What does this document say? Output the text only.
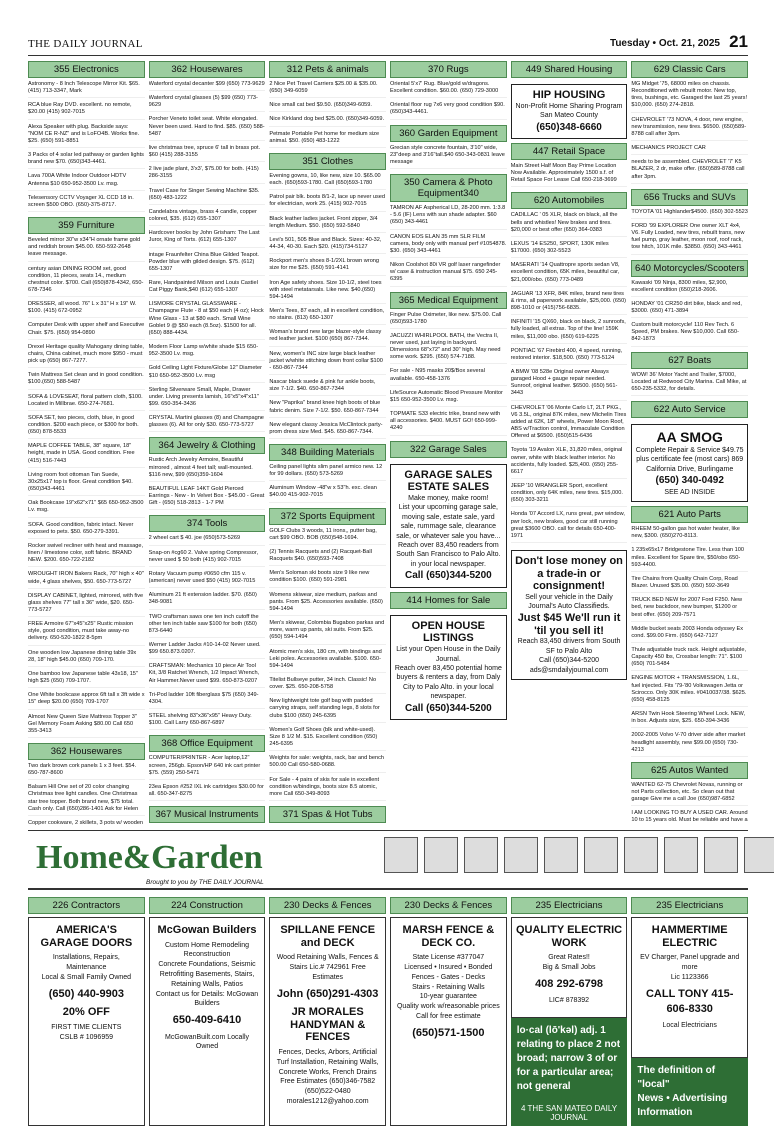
THE DAILY JOURNAL	Tuesday • Oct. 21, 2025 21
355 Electronics
Astronomy - 8 Inch Telescope Mirror Kit. $65. (415) 713-3347, Mark
RCA blue Ray DVD. excellent. no remote, $20.00 (415) 902-7015
Alexa Speaker with plug. Backside says: "NOM CE R-NZ" and is LoFO4B. Works fine. $25. (650) 591-8851
3 Packs of 4 solar led pathway or garden lights brand new $70. (650)343-4461.
Lava 700A White Indoor Outdoor HDTV Antenna $10 650-952-3500 Lv. msg.
Telesensory CCTV Voyager XL CCD 18 in. screen $500 OBO. (650)-375-8717.
359 Furniture
Beveled mirror 30"w x34"H ornate frame gold and reddish brown $45.00. 650-592-2648 leave message.
century asian DINING ROOM set, good condition, 11 pieces, seats 14., medium chestnut color. $700. Call (650)878-4342, 650-678-7346
DRESSER, all wood. 76" L x 31" H x 19" W. $100. (415) 672-0952
Computer Desk with upper shelf and Executive Chair. $75. (650) 954-0890
Drexel Heritage quality Mahogany dining table, chairs, China cabinet, much more $950 - must pick up (650) 867-7277.
Twin Mattress Set clean and in good condition. $100.(650) 588-5487
SOFA & LOVESEAT, floral pattern cloth, $100. Located in Millbrae. 650-274-7681.
SOFA SET, two pieces, cloth, blue, in good condition. $200 each piece, or $300 for both. (650) 878-5533
MAPLE COFFEE TABLE, 38" square, 18" height, made in USA. Good condition. Free (415) 516-7443
Living room foot ottoman Tan Suede, 30x25x17 top is floor. Great condition $40. (650)343-4461
Oak Bookcase 19"x62"x71" $65 650-952-3500 Lv. msg.
SOFA. Good condition, fabric intact. Never exposed to pets. $50. 650-279-3391.
Rocker swivel recliner with heat and massage, linen / limestone color, soft fabric. BRAND NEW. $200. 650-722-2182
WROUGHT IRON Bakers Rack, 70" high x 40" wide, 4 glass shelves, $50. 650-773-5727
DISPLAY CABINET, lighted, mirrored, with five glass shelves 77" tall x 36" wide, $20. 650-773-5727
FREE Armoire 67"x45"x25" Rustic mission style, good condition, must take away-no delivery. 650-520-1822 8-5pm
One wooden low Japanese dining table 39x 28, 18" high $45.00 (650) 709-170.
One bamboo low Japanese table 43x18, 15" high $25 (650) 709-1707.
One White bookcase approx 6ft tall x 3ft wide x 15" deep $20.00 (650) 709-1707
Almost New Queen Size Mattress Topper 3" Gel Memory Foam Asking $80.00 Call 650 355-3413
362 Housewares
Two dark brown cork panels 1 x 3 feet. $54. 650-787-8600
Balsam Hill One set of 20 color changing Christmas tree light candles. One Christmas star tree topper. Both brand new, $75 total. Cash only. Call (650)286-1401 Ask for Helen
Copper cookware, 2 skillets, 3 pots w/ wooden
362 Housewares
Waterford crystal decanter $99 (650) 773-9629
Waterford crystal glasses (5) $99 (650) 773-9629
Porcher Veneto toilet seat. White elongated. Never been used. Hard to find. $85. (650) 588-5487
live christmas tree, spruce 6' tall in brass pot. $60 (415) 288-3155
2 live jade plant, 3'x3', $75.00 for both. (415) 286-3155
Travel Case for Singer Sewing Machine $35. (650) 483-1222
Candelabra vintage, brass 4 candle, copper colored, $35. (612) 655-1307
Hardcover books by John Grisham: The Last Juror, King of Torts. (612) 655-1307
intage Fraunfelter China Blue Gilded Teapot. Powder blue with gilded design. $75. (612) 655-1307
Rare, Handpainted Milson and Louis Castiel Cat Piggy Bank,$40 (612) 655-1307
LISMORE CRYSTAL GLASSWARE - Champagne Flute - 8 at $50 each (4 oz); Hock Wine Glass - 13 at $80 each. Small Wine Goblet 9 @ $50 each (8.5oz). $1500 for all. (650) 888-4434.
Modern Floor Lamp w/white shade $15 650-952-3500 Lv. msg.
Gold Ceiling Light Fixture/Globe 12" Diameter $10 650-952-3500 Lv. msg
Sterling Silverware Small, Maple, Drawer under. Living presents lamish, 16"x5"x4"x11" $99. 650-354-3436
CRYSTAL Martini glasses (8) and Champagne glasses (6). All for only $30. 650-773-5727
364 Jewelry & Clothing
Rustic Arch Jewelry Armoire, Beautiful mirrored , almost 4 feet tall; wall-mounted. $116 new, $99 (650)359-1604
BEAUTIFUL LEAF 14KT Gold Pierced Earrings - New - In Velvet Box - $45.00 - Great Gift - (650) 518-2813 - 1-7 PM
374 Tools
2 wheel cart $ 40. joe (650)573-5269
Snap-on #cg60 2. Valve spring Compressor, never used $ 50 both (415) 902-7015
Rotary Vacuum pump #0650 cfm 115 v. (american) never used $50 (415) 902-7015
Aluminum 21 ft extension ladder. $70. (650) 348-9081
TWO craftsman saws one ten inch cutoff the other ten inch table saw $100 for both (650) 873-6440
Werner Ladder Jacks #10-14-02 Never used. $99 650.873.0207.
CRAFTSMAN: Mechanics 10 piece Air Tool Kit, 3/8 Ratchet Wrench, 1/2 Impact Wrench, Air Hammer.Never used $99. 650-873-0207
Tri-Pod ladder 10ft fiberglass $75 (650) 349-4304.
STEEL shelving 83"x36"x95" Heavy Duty. $100. Call Larry 650-867-6897
368 Office Equipment
COMPUTER/PRINTER - Acer laptop,12" screen, 256gb. Epson/HP 640 ink cart printer $75. (559) 250-5471
23ea Epson #252 IXL ink cartridges $30.00 for all. 650-347-8275
367 Musical Instruments
312 Pets & animals
2 Nice Pet Travel Carriers $25.00 & $35.00.(650) 349-6059
Nice small cat bed $9.50. (650)349-6059.
Nice Kirkland dog bed $25.00. (650)349-6059.
Petmate Portable Pet home for medium size animal. $50. (650) 483-1222
351 Clothes
Evening gowns, 10, like new, size 10. $65.00 each. (650)593-1780. Call (650)593-1780
Patrol pair blk. boots 8/1-2, lace up never used for electrician, work 25. (415) 902-7015
Black leather ladies jacket. Front zipper, 3/4 length Medium. $50. (650) 592-5840
Levi's 501, 505 Blue and Black. Sizes: 40-32, 44-34, 40-30. Each $20. (415)734-5127
Rockport men's shoes 8-1/2XL brown wrong size for me $25. (650) 591-4141
Iron Age safety shoes. Size 10-1/2, steel toes with steel metatarsals. Like new. $40.(650) 594-1494
Men's Tees, 87 each, all in excellent condition, no stains. (813) 650-1307
Woman's brand new large blazer-style classy red leather jacket. $100 (650) 867-7344.
New, women's INC size large black leather jacket w/white stitching down front collar $100 - 650-867-7344
Nascar black suede & pink fur ankle boots, size 7-1/2. $40. 650-867-7344
New "Paprika" brand knee high boots of blue fabric denim. Size 7-1/2. $50. 650-867-7344
New elegant classy Jessica McClintock party-prom dress size Med. $45. 650-867-7344.
348 Building Materials
Ceiling panel lights slim panel armico new. 12 for 99 dollars. (650) 573-5269
Aluminum Window -48"w x 53"h. exc. clean $40.00 415-902-7015
372 Sports Equipment
GOLF Clubs 3 woods, 11 irons,, putter bag, cart $99 OBO. BOB (650)548-1694.
(2) Tennis Racquets and (2) Racquet-Ball Racquets $40. (650)593-7408
Men's Soloman ski boots size 9 like new condition $100. (650) 591-2981
Womens skiwear, size medium, parkas and pants. From $25. Accessories available. (650) 594-1494
Men's skiwear, Colombia Bugaboo parkas and more, warm up pants, ski suits. From $25. (650) 594-1494
Atomic men's skis, 180 cm, with bindings and Leki poles. Accessories available. $100. 650-594-1494
Titelist Bullseye putter, 34 inch. Classic! No cover. $25. 650-208-5758
New lightweight tote golf bag with padded carrying straps, self standing legs, 8 slots for clubs $100 (650) 245-6395
Women's Golf Shoes (blk and white-used). Size 8 1/2 M. $15. Excellent condition (650) 245-6395
Weights for sale: weights, rack, bar and bench 500.00 Call 650-580-0688.
For Sale - 4 pairs of skis for sale in excellent condition w/bindings, boots size 8.5 atomic, more Call 650-349-8093
371 Spas & Hot Tubs
370 Rugs
Oriental 5'x7' Rug. Blue/gold w/dragons. Excellent condition. $60.00. (650) 729-3000
Oriental floor rug 7x6 very good condition $90. (650)343-4461.
360 Garden Equipment
Grecian style concrete fountain, 3'10" wide, 23"deep and 3'16"tall.$40 650-343-0831 leave message
350 Camera & Photo Equipment340
TAMRON AF Aspherical LD, 28-200 mm. 1:3.8 - 5.6 (IF) Lens with sun shade adapter. $60 (650) 343-4461
CANON EOS ELAN 35 mm SLR FILM camera, body only with manual perf #1054878. $30. (650) 343-4461
Nikon Coolshot 80i VR golf laser rangefinder w/ case & instruction manual $75. 650 245-6395
365 Medical Equipment
Finger Pulse Oximeter, like new. $75.00. Call (650)593-1780
JACUZZI WHIRLPOOL BATH, the Vectra II, never used, just laying in backyard. Dimensions 68"x72" and 30" high. May need some work. $295. (650) 574-7188.
For sale - N95 masks 20$/Box several available. 650-458-1376
LifeSource Automatic Blood Pressure Monitor $15 650-952-3500 Lv. msg.
TOPMATE S33 electric trike, brand new with all accessories. $400. MUST GO! 650-999-4240
322 Garage Sales
GARAGE SALES ESTATE SALES
Make money, make room!
List your upcoming garage sale, moving sale, estate sale, yard sale, rummage sale, clearance sale, or whatever sale you have...
Reach over 83,450 readers from South San Francisco to Palo Alto. in your local newspaper.
Call (650)344-5200
414 Homes for Sale
OPEN HOUSE LISTINGS
List your Open House in the Daily Journal.
Reach over 83,450 potential home buyers & renters a day, from Daly City to Palo Alto. in your local newspaper.
Call (650)344-5200
449 Shared Housing
HIP HOUSING
Non-Profit Home Sharing Program
San Mateo County
(650)348-6660
447 Retail Space
Main Street Half Moon Bay Prime Location Now Available. Approximately 1500 s.f. of Retail Space For Lease Call 650-218-3699
620 Automobiles
CADILLAC ' 05 XLR, black on black, all the bells and whistles! New brakes and tires. $20,000 or best offer (650) 364-0383
LEXUS '14 ES250, SPORT, 130K miles $17000. (650) 302-5523
MASERATI '14 Quattropre sports sedan V8, excellent condition, 65K miles, beautiful car, $21,000/obo. (650) 773-0489
JAGUAR '13 XFR, 84K miles, brand new tires & rims, all paperwork available, $25,000. (650) 898-1010 or (415)756-6835.
INFINITI '15 QX60, black on black, 2 sunroofs, fully loaded, all extras. Top of the line! 159K miles, $11,000 obo. (650) 619-6225
PONTIAC '67 Firebird 400, 4 speed, running, restored interior. $18,500. (650) 773-5124
A BMW '08 528e Original owner Always garaged Hood + gauge repair needed. Sunroof, original leather. $6500. (650) 561-3443
CHEVROLET '06 Monte Carlo LT, 2LT PKG., V6 3.5L, original 87K miles, new Michelin Tires added at 62K, 18" wheels, Power Moon Roof, ABS w/Traction control, Immaculate Condition Offered at $6500. (650)515-6436
Toyota '19 Avalon XLE, 31,820 miles, original owner, white with black leather interior. No accidents, fully loaded. $25,400. (650) 255-6617
JEEP '10 WRANGLER Sport, excellent condition, only 64K miles, new tires. $15,000. (650) 303-3211
Honda '07 Accord LX, runs great, pwr window, pwr lock, new brakes, good car still running great $3600 OBO. call for details 650-400-1971
Don't lose money on a trade-in or consignment!
Sell your vehicle in the Daily Journal's Auto Classifieds.
Just $45 We'll run it 'til you sell it!
Reach 83,450 drivers from South SF to Palo Alto
Call (650)344-5200 ads@smdailyjournal.com
629 Classic Cars
MG Midget '75, 68000 miles on chassis. Reconditioned with rebuilt motor. New top, tires, bushings, etc. Garaged the last 25 years! $10,000. (650) 274-2818.
CHEVROLET '73 NOVA, 4 door, new engine, new transmission, new tires. $6500. (650)589-8788 call after 3pm.
MECHANICS PROJECT CAR
needs to be assembled. CHEVROLET '7' K5 BLAZER, 2 dr, make offer. (650)589-8788 call after 3pm.
656 Trucks and SUVs
TOYOTA '01 Highlander$4500. (650) 302-5523
FORD '99 EXPLORER One owner XLT 4x4, V6. Fully Loaded, new tires, rebuilt trans, new fuel pump, gray leather, moon roof, roof rack, tow hitch, 101K mile. $3850. (650) 343-4461
640 Motorcycles/Scooters
Kawaski '09 Ninja, 8300 miles, $2,900, excellent condition (650)218-2606.
HONDAY '01 CR250 dirt bike, black and red, $3000. (650) 471-3894
Custom built motorcycle! 110 Rev Tech. 6 Speed, PM brakes. New $10,000. Call 650-842-1873
627 Boats
WOW! 36' Motor Yacht and Trailer, $7000, Located at Redwood City Marina. Call Mike, at 650-235-5332, for details.
622 Auto Service
AA SMOG
Complete Repair & Service $49.75 plus certificate fee (most cars) 869 California Drive, Burlingame
(650) 340-0492
SEE AD INSIDE
621 Auto Parts
RHEEM 50-gallon gas hot water heater, like new, $300. (650)270-8113.
1 235x65x17 Bridgestone Tire. Less than 100 miles. Excellent for Spare tire, $50/obo 650-593-4400.
Tire Chains from Quality Chain Corp, Road Blazer. Unused $35.00. (650) 592-3649
TRUCK BED NEW for 2007 Ford F250. New bed, new backdoor, new bumper, $1200 or best offer. (650) 209-7571
Middle bucket seats 2003 Honda odyssey Ex cond. $99.00 Firm. (650) 642-7127
Thule adjustable truck rack. Height adjustable, Capacity 450 lbs, Crossbar length: 71". $100 (650) 701-5484
ENGINE MOTOR + TRANSMISSION, 1.6L, fuel injected. Fits '79-'80 Volkswagen Jetta or Scirocco. Only 30K miles. #0410037/38. $625. (650) 458-8125
ARSN Twin Hook Steering Wheel Lock. NEW, in box. Adjusts size, $25. 650-394-3436
2002-2005 Volvo V-70 driver side after market headlight assembly, new $99.00 (650) 730-4213
625 Autos Wanted
WANTED 62-75 Chevrolet Novas, running or not Parts collection, etc. So clean out that garage Give me a call Joe (650)987-6852
I AM LOOKING TO BUY A USED CAR. Around 10 to 15 years old. Must be reliable and have a
Home&Garden
Brought to you by THE DAILY JOURNAL
226 Contractors
AMERICA'S GARAGE DOORS
Installations, Repairs, Maintenance
Local & Small Family Owned
(650) 440-9903
20% OFF
FIRST TIME CLIENTS
CSLB # 1096959
224 Construction
McGowan Builders
Custom Home Remodeling Reconstruction
Concrete Foundations, Seismic Retrofitting Basements, Stairs, Retaining Walls, Patios
Contact us for Details: McGowan Builders
650-409-6410
McGowanBuilt.com Locally Owned
230 Decks & Fences
SPILLANE FENCE and DECK
Wood Retaining Walls, Fences & Stairs Lic.# 742961 Free Estimates
John (650)291-4303
JR MORALES HANDYMAN & FENCES
Fences, Decks, Arbors, Artificial Turf Installation, Retaining Walls, Concrete Works, French Drains Free Estimates (650)346-7582 (650)522-0480 morales1212@yahoo.com
230 Decks & Fences
MARSH FENCE & DECK CO.
State License #377047
Licensed • Insured • Bonded
Fences - Gates - Decks
Stairs - Retaining Walls
10-year guarantee
Quality work w/reasonable prices
Call for free estimate
(650)571-1500
235 Electricians
QUALITY ELECTRIC WORK
Great Rates!!
Big & Small Jobs
408 292-6798
LIC# 878392
lo·cal (lō'kəl) adj. 1 relating to place 2 not broad; narrow 3 of or for a particular area; not general
4 THE SAN MATEO DAILY JOURNAL
235 Electricians
HAMMERTIME ELECTRIC
EV Charger, Panel upgrade and more
Lic 1123366
CALL TONY 415-606-8330
Local Electricians
The definition of "local"
News • Advertising Information
